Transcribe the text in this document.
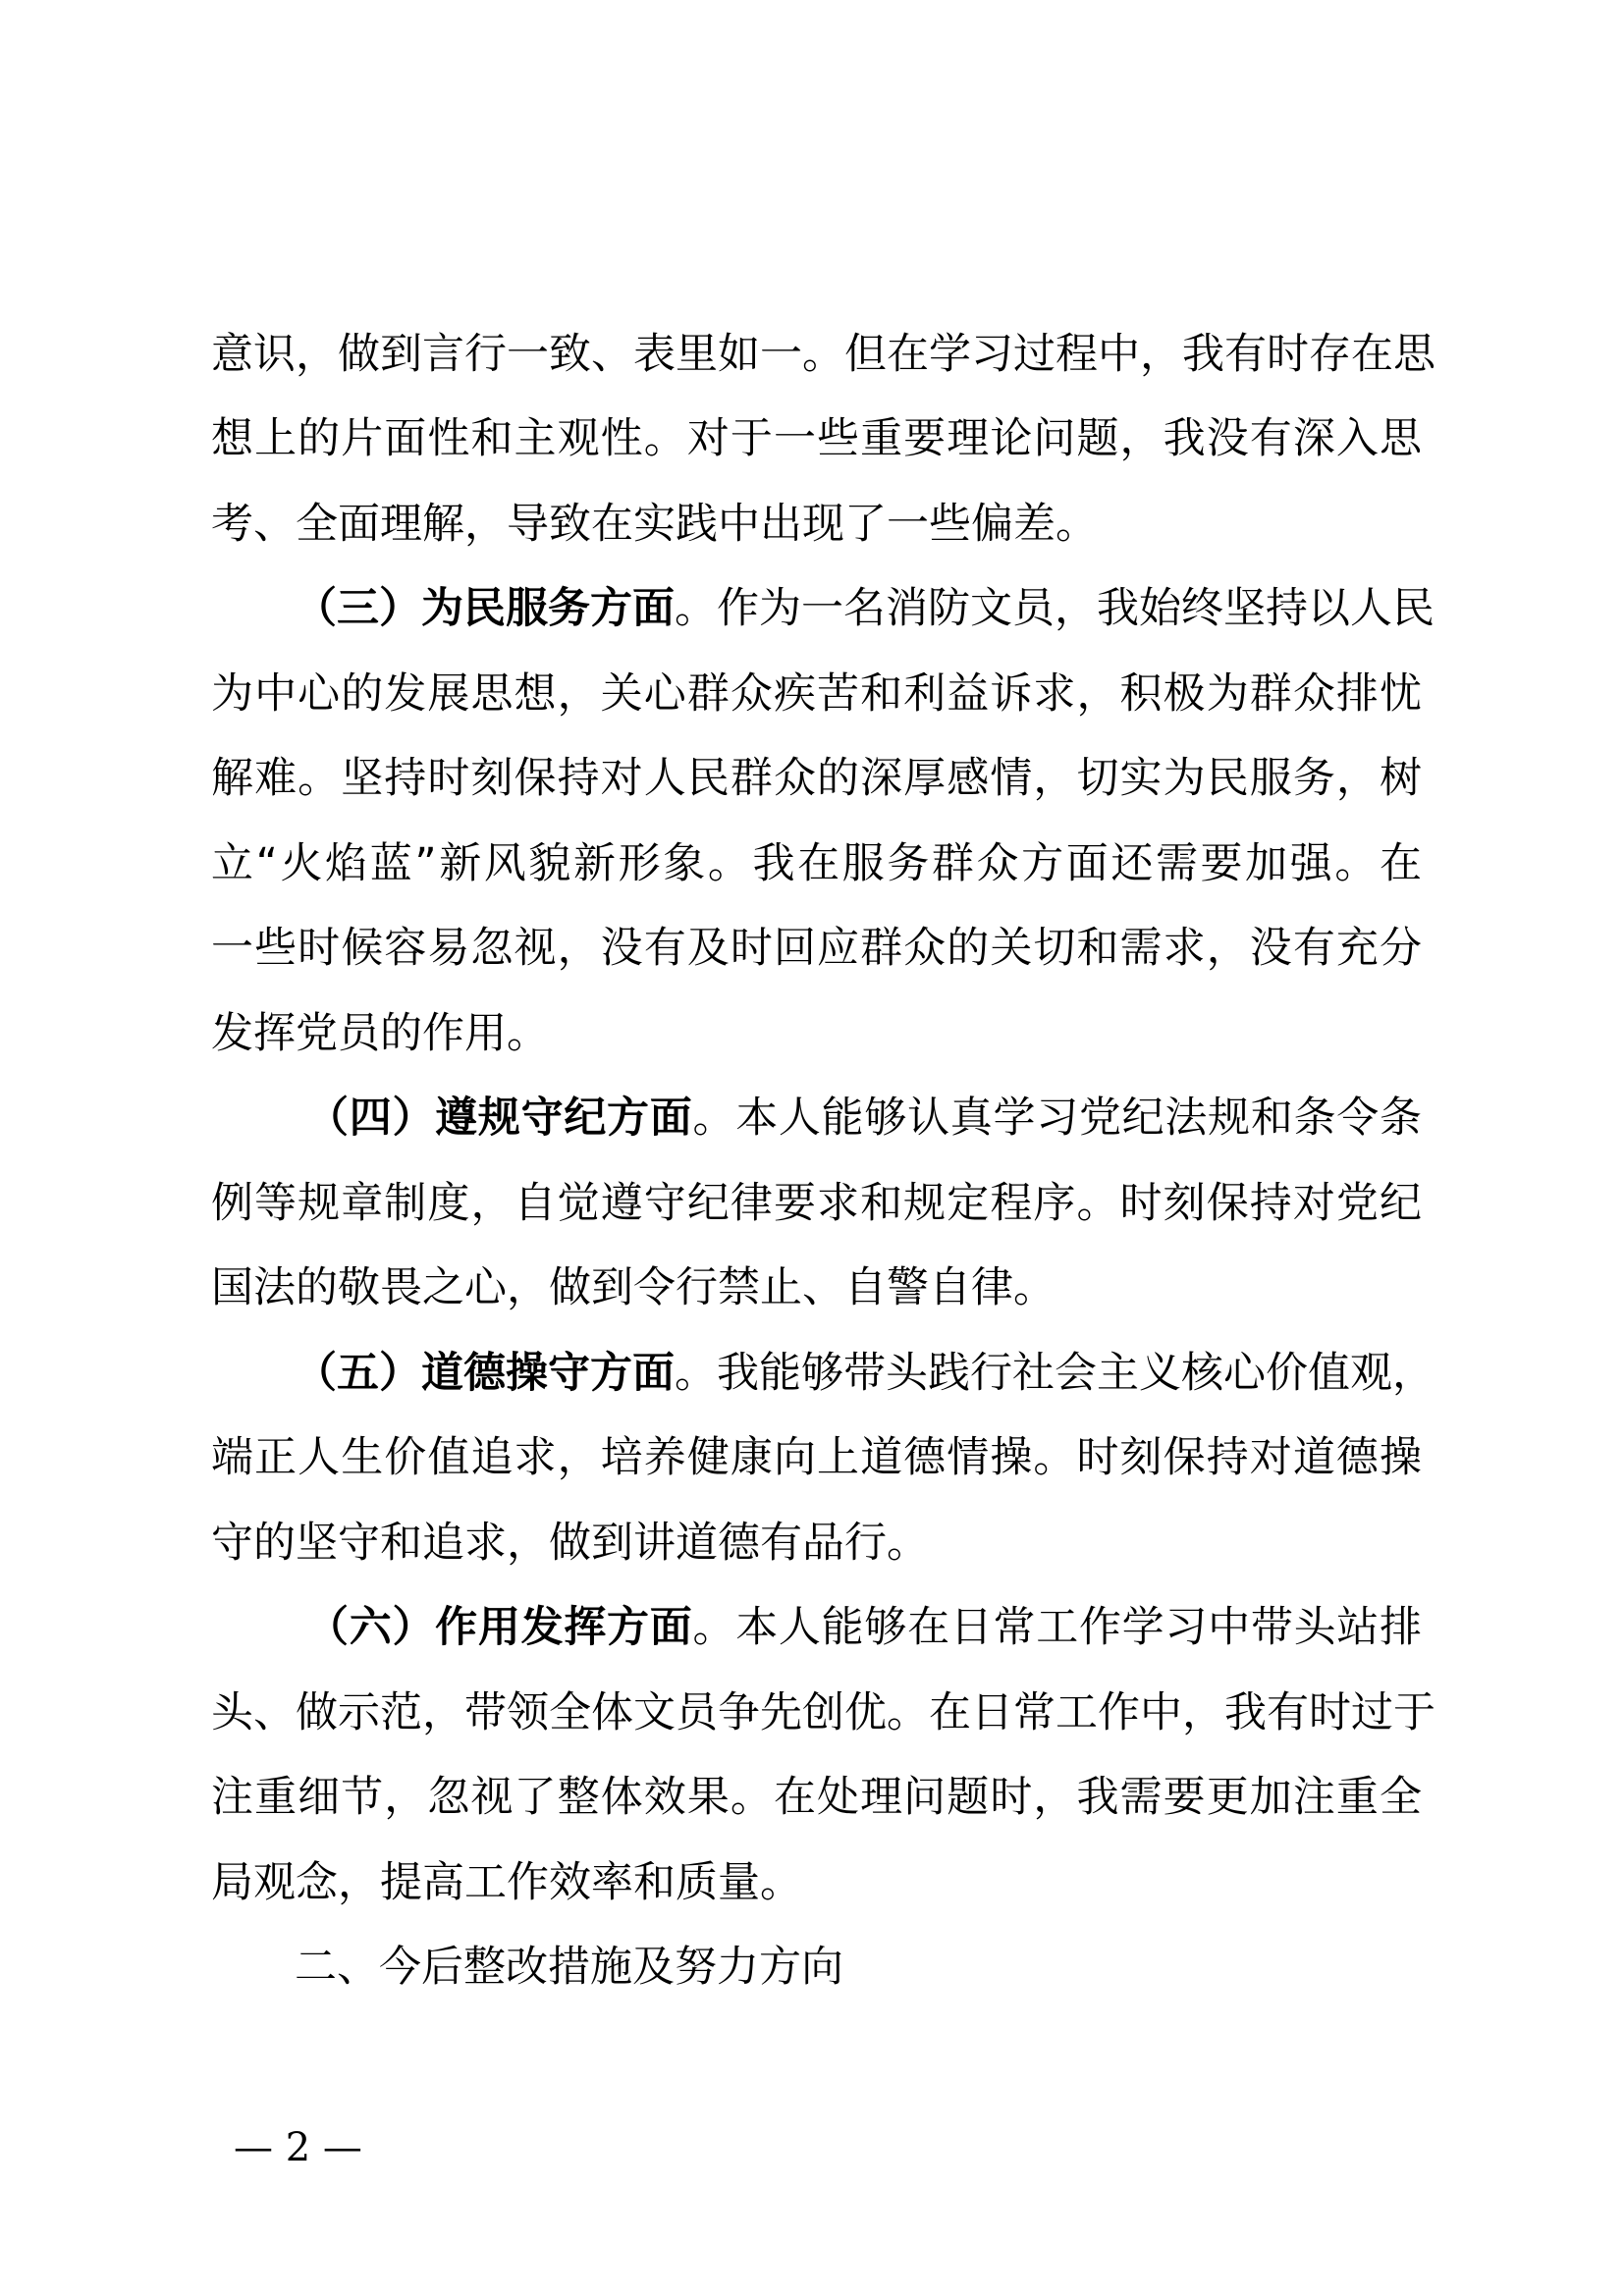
意识，做到言行一致、表里如一。但在学习过程中，我有时存在思
想上的片面性和主观性。对于一些重要理论问题，我没有深入思
考、全面理解，导致在实践中出现了一些偏差。
（三）为民服务方面。作为一名消防文员，我始终坚持以人民
为中心的发展思想，关心群众疾苦和利益诉求，积极为群众排忧
解难。坚持时刻保持对人民群众的深厚感情，切实为民服务，树
立“火焰蓝”新风貌新形象。我在服务群众方面还需要加强。在
一些时候容易忽视，没有及时回应群众的关切和需求，没有充分
发挥党员的作用。
（四）遵规守纪方面。本人能够认真学习党纪法规和条令条
例等规章制度，自觉遵守纪律要求和规定程序。时刻保持对党纪
国法的敬畏之心，做到令行禁止、自警自律。
（五）道德操守方面。我能够带头践行社会主义核心价值观，
端正人生价值追求，培养健康向上道德情操。时刻保持对道德操
守的坚守和追求，做到讲道德有品行。
（六）作用发挥方面。本人能够在日常工作学习中带头站排
头、做示范，带领全体文员争先创优。在日常工作中，我有时过于
注重细节，忽视了整体效果。在处理问题时，我需要更加注重全
局观念，提高工作效率和质量。
二、今后整改措施及努力方向
— 2 —
